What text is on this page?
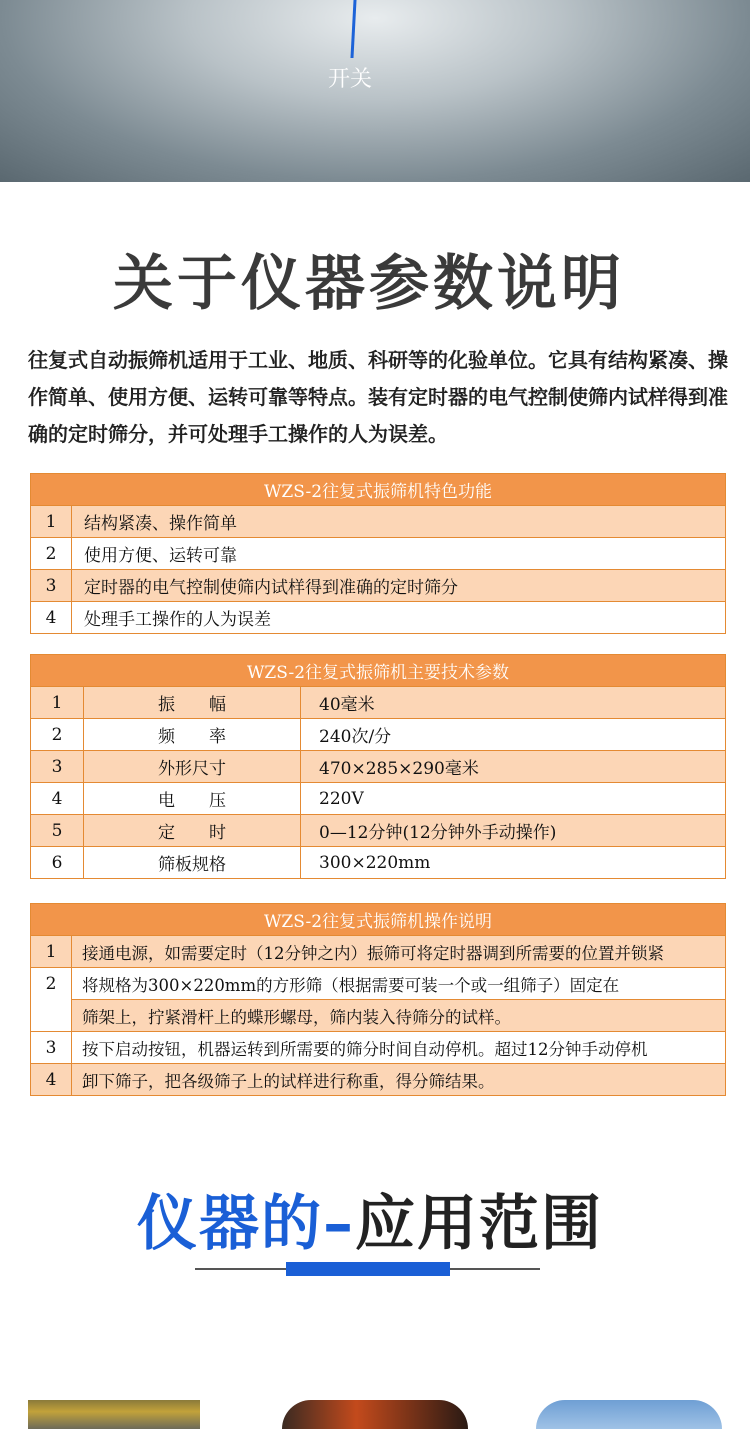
开关
关于仪器参数说明
往复式自动振筛机适用于工业、地质、科研等的化验单位。它具有结构紧凑、操作简单、使用方便、运转可靠等特点。装有定时器的电气控制使筛内试样得到准确的定时筛分，并可处理手工操作的人为误差。
WZS-2往复式振筛机特色功能	
1	结构紧凑、操作简单
2	使用方便、运转可靠
3	定时器的电气控制使筛内试样得到准确的定时筛分
4	处理手工操作的人为误差
WZS-2往复式振筛机主要技术参数		
1	振　　幅	40毫米
2	频　　率	240次/分
3	外形尺寸	470×285×290毫米
4	电　　压	220V
5	定　　时	0—12分钟(12分钟外手动操作)
6	筛板规格	300×220mm
WZS-2往复式振筛机操作说明	
1	接通电源，如需要定时（12分钟之内）振筛可将定时器调到所需要的位置并锁紧
2	将规格为300×220mm的方形筛（根据需要可装一个或一组筛子）固定在
	筛架上，拧紧滑杆上的蝶形螺母，筛内装入待筛分的试样。
3	按下启动按钮，机器运转到所需要的筛分时间自动停机。超过12分钟手动停机
4	卸下筛子，把各级筛子上的试样进行称重，得分筛结果。
仪器的–应用范围
